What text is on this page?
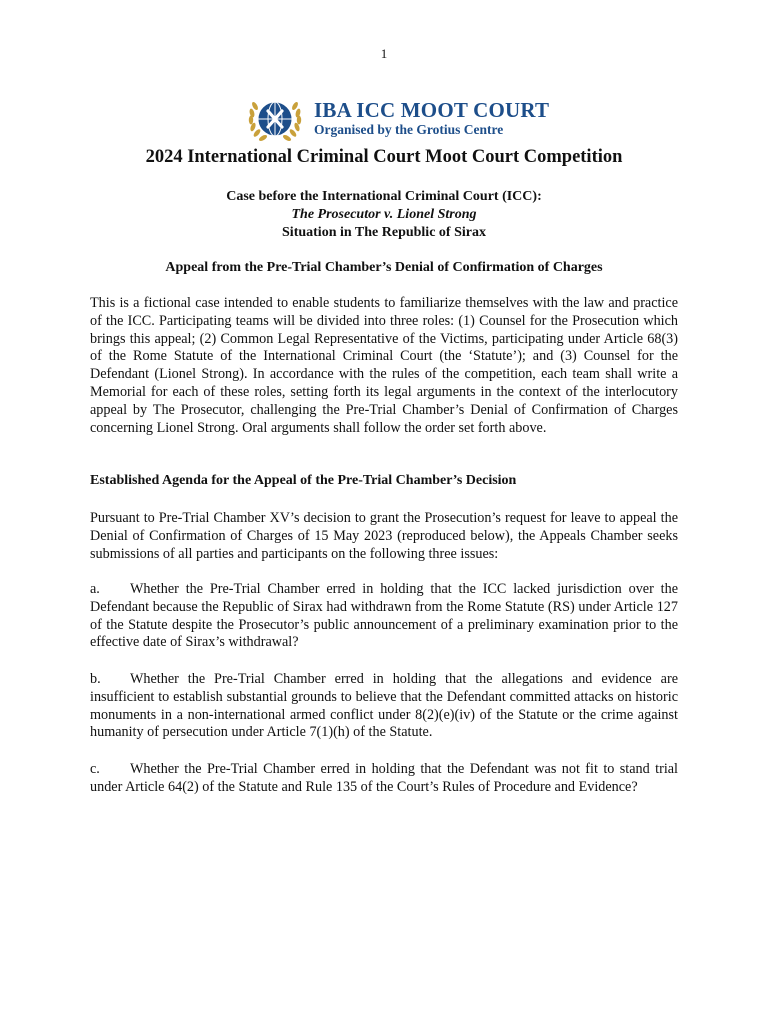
1
IBA ICC MOOT COURT
Organised by the Grotius Centre
2024 International Criminal Court Moot Court Competition
Case before the International Criminal Court (ICC):
The Prosecutor v. Lionel Strong
Situation in The Republic of Sirax
Appeal from the Pre-Trial Chamber’s Denial of Confirmation of Charges
This is a fictional case intended to enable students to familiarize themselves with the law and practice of the ICC. Participating teams will be divided into three roles: (1) Counsel for the Prosecution which brings this appeal; (2) Common Legal Representative of the Victims, participating under Article 68(3) of the Rome Statute of the International Criminal Court (the ‘Statute’); and (3) Counsel for the Defendant (Lionel Strong). In accordance with the rules of the competition, each team shall write a Memorial for each of these roles, setting forth its legal arguments in the context of the interlocutory appeal by The Prosecutor, challenging the Pre-Trial Chamber’s Denial of Confirmation of Charges concerning Lionel Strong. Oral arguments shall follow the order set forth above.
Established Agenda for the Appeal of the Pre-Trial Chamber’s Decision
Pursuant to Pre-Trial Chamber XV’s decision to grant the Prosecution’s request for leave to appeal the Denial of Confirmation of Charges of 15 May 2023 (reproduced below), the Appeals Chamber seeks submissions of all parties and participants on the following three issues:
a. Whether the Pre-Trial Chamber erred in holding that the ICC lacked jurisdiction over the Defendant because the Republic of Sirax had withdrawn from the Rome Statute (RS) under Article 127 of the Statute despite the Prosecutor’s public announcement of a preliminary examination prior to the effective date of Sirax’s withdrawal?
b. Whether the Pre-Trial Chamber erred in holding that the allegations and evidence are insufficient to establish substantial grounds to believe that the Defendant committed attacks on historic monuments in a non-international armed conflict under 8(2)(e)(iv) of the Statute or the crime against humanity of persecution under Article 7(1)(h) of the Statute.
c. Whether the Pre-Trial Chamber erred in holding that the Defendant was not fit to stand trial under Article 64(2) of the Statute and Rule 135 of the Court’s Rules of Procedure and Evidence?
